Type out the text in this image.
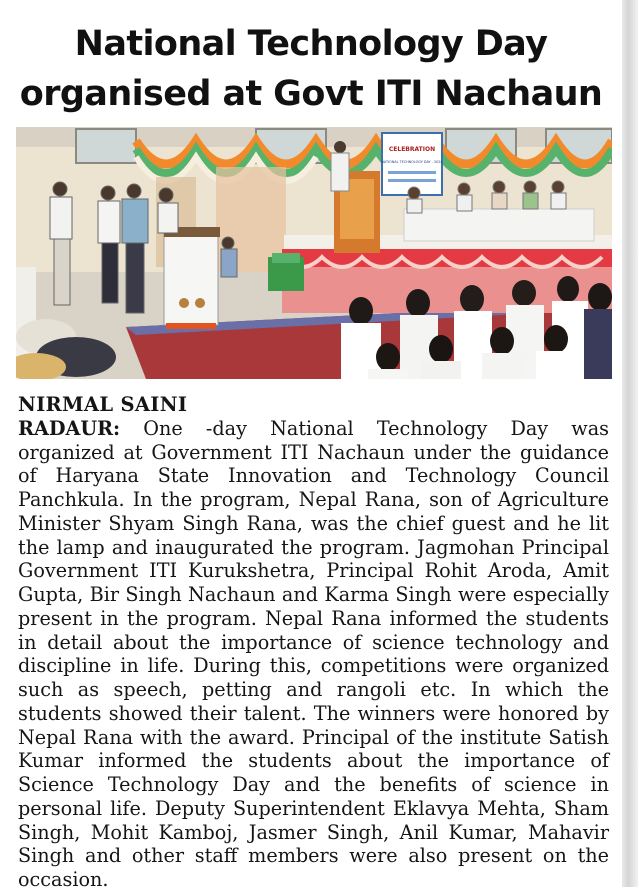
National Technology Day
organised at Govt ITI Nachaun
CELEBRATION
NATIONAL TECHNOLOGY DAY - 2024
NIRMAL SAINI

RADAUR: One -day National Technology Day was organized at Government ITI Nachaun under the guidance of Haryana State Innovation and Technology Council Panchkula. In the program, Nepal Rana, son of Agriculture Minister Shyam Singh Rana, was the chief guest and he lit the lamp and inaugurated the program. Jagmohan Principal Government ITI Kurukshetra, Principal Rohit Aroda, Amit Gupta, Bir Singh Nachaun and Karma Singh were especially present in the program. Nepal Rana informed the students in detail about the importance of science technology and discipline in life. During this, competitions were organized such as speech, petting and rangoli etc. In which the students showed their talent. The winners were honored by Nepal Rana with the award. Principal of the institute Satish Kumar informed the students about the importance of Science Technology Day and the benefits of science in personal life. Deputy Superintendent Eklavya Mehta, Sham Singh, Mohit Kamboj, Jasmer Singh, Anil Kumar, Mahavir Singh and other staff members were also present on the occasion.
